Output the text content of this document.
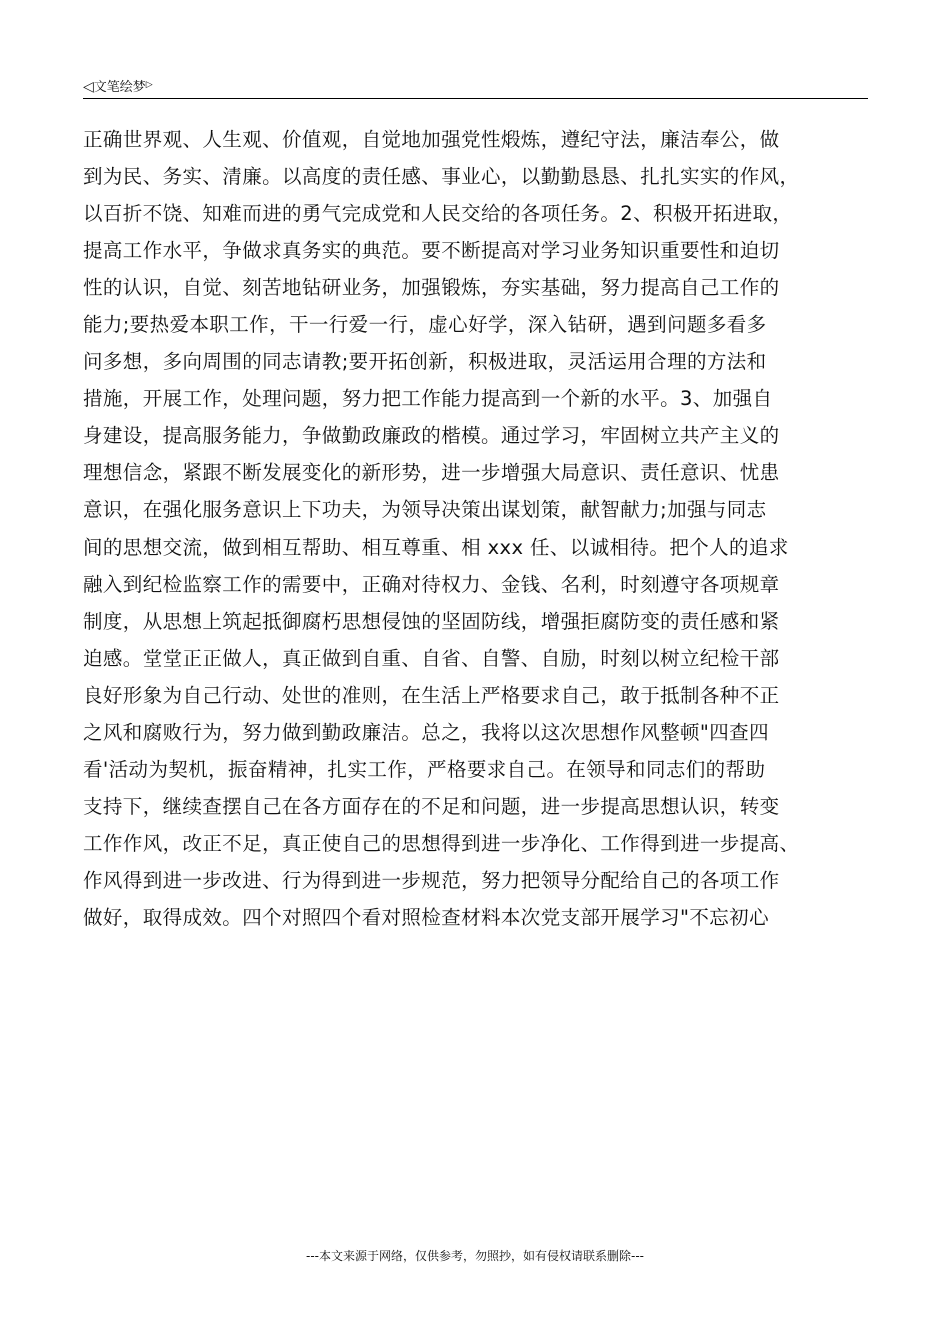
◁文笔绘梦▷
正确世界观、人生观、价值观，自觉地加强党性煅炼，遵纪守法，廉洁奉公，做
到为民、务实、清廉。以高度的责任感、事业心，以勤勤恳恳、扎扎实实的作风，
以百折不饶、知难而进的勇气完成党和人民交给的各项任务。2、积极开拓进取，
提高工作水平，争做求真务实的典范。要不断提高对学习业务知识重要性和迫切
性的认识，自觉、刻苦地钻研业务，加强锻炼，夯实基础，努力提高自己工作的
能力;要热爱本职工作，干一行爱一行，虚心好学，深入钻研，遇到问题多看多
问多想，多向周围的同志请教;要开拓创新，积极进取，灵活运用合理的方法和
措施，开展工作，处理问题，努力把工作能力提高到一个新的水平。3、加强自
身建设，提高服务能力，争做勤政廉政的楷模。通过学习，牢固树立共产主义的
理想信念，紧跟不断发展变化的新形势，进一步增强大局意识、责任意识、忧患
意识，在强化服务意识上下功夫，为领导决策出谋划策，献智献力;加强与同志
间的思想交流，做到相互帮助、相互尊重、相 xxx 任、以诚相待。把个人的追求
融入到纪检监察工作的需要中，正确对待权力、金钱、名利，时刻遵守各项规章
制度，从思想上筑起抵御腐朽思想侵蚀的坚固防线，增强拒腐防变的责任感和紧
迫感。堂堂正正做人，真正做到自重、自省、自警、自励，时刻以树立纪检干部
良好形象为自己行动、处世的准则，在生活上严格要求自己，敢于抵制各种不正
之风和腐败行为，努力做到勤政廉洁。总之，我将以这次思想作风整顿"四查四
看'活动为契机，振奋精神，扎实工作，严格要求自己。在领导和同志们的帮助
支持下，继续查摆自己在各方面存在的不足和问题，进一步提高思想认识，转变
工作作风，改正不足，真正使自己的思想得到进一步净化、工作得到进一步提高、
作风得到进一步改进、行为得到进一步规范，努力把领导分配给自己的各项工作
做好，取得成效。四个对照四个看对照检查材料本次党支部开展学习"不忘初心
---本文来源于网络，仅供参考，勿照抄，如有侵权请联系删除---
